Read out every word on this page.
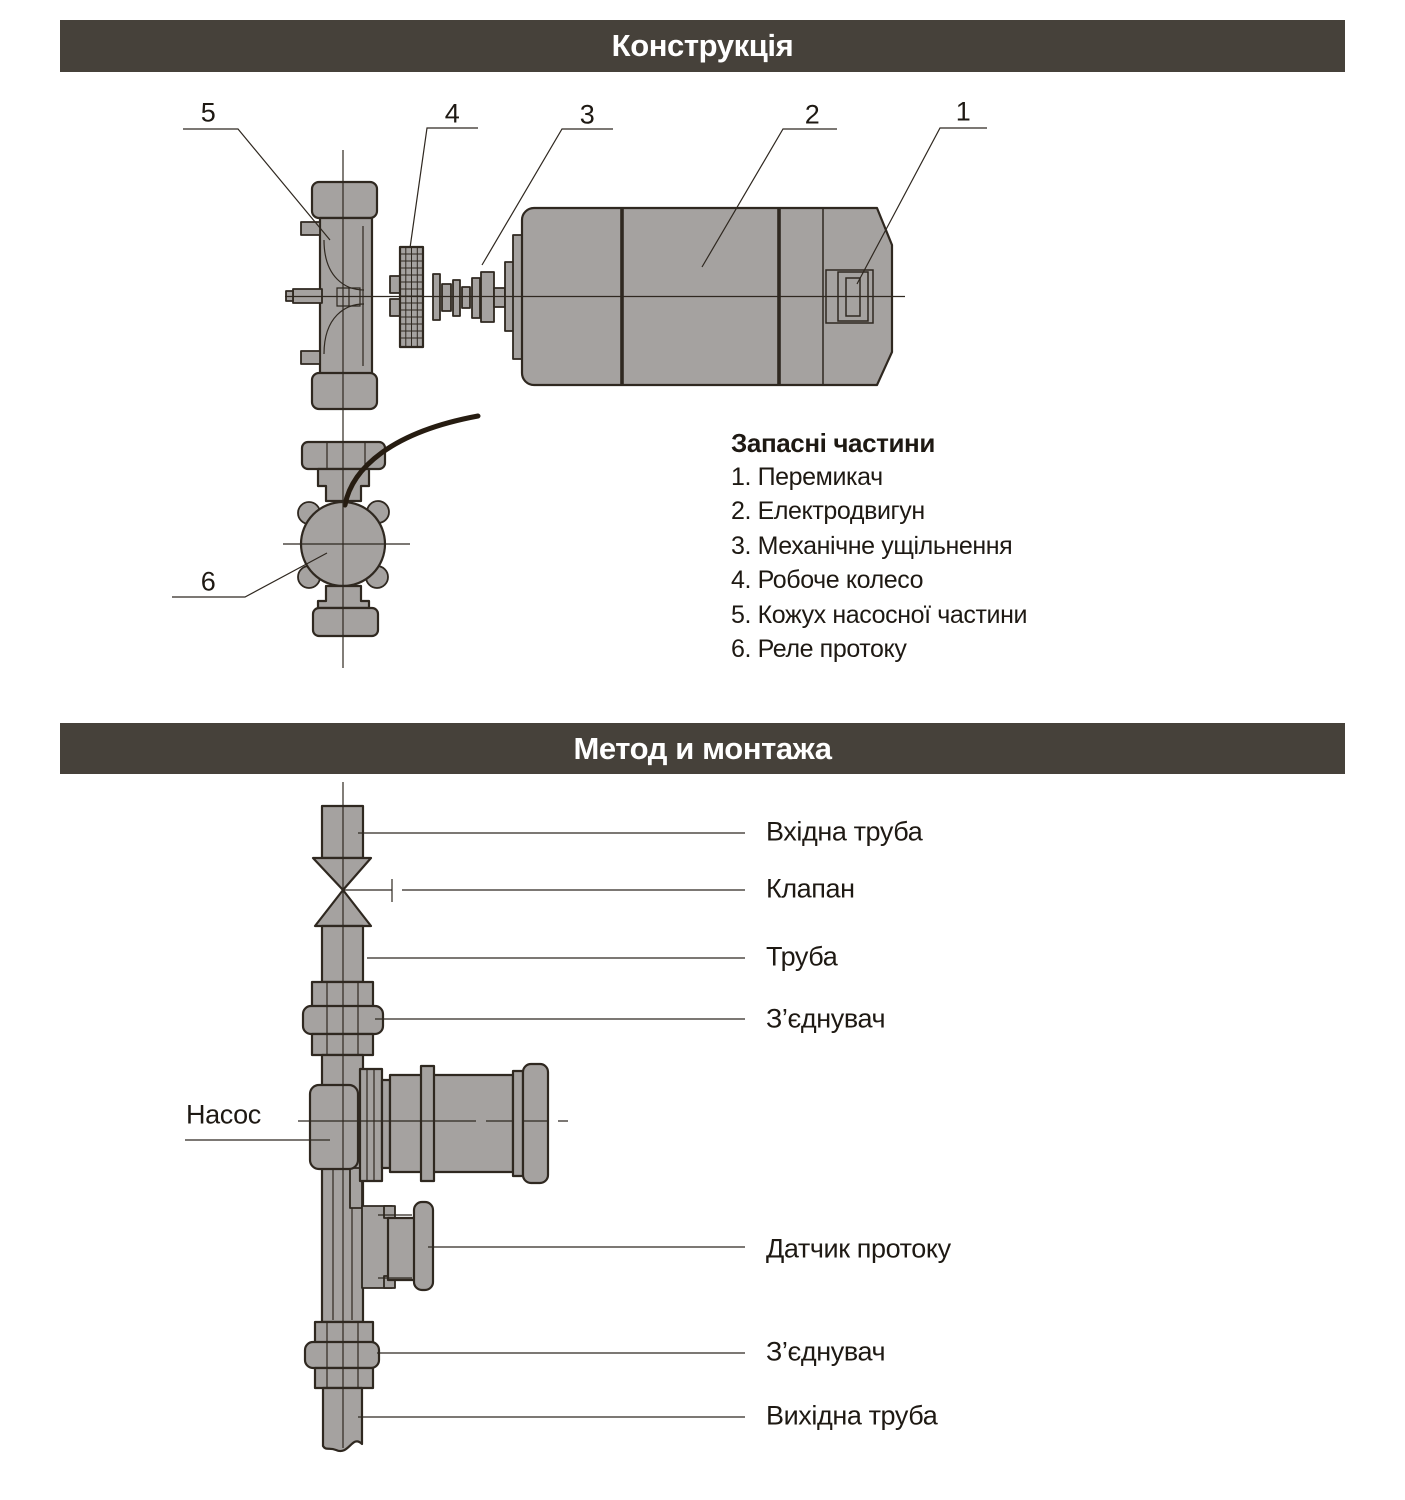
Конструкція
5	4	3	2	1
6
Запасні частини
1. Перемикач
2. Електродвигун
3. Механічне ущільнення
4. Робоче колесо
5. Кожух насосної частини
6. Реле протоку
Метод и монтажа
Вхідна труба
Клапан
Труба
З’єднувач
Насос
Датчик протоку
З’єднувач
Вихідна труба
